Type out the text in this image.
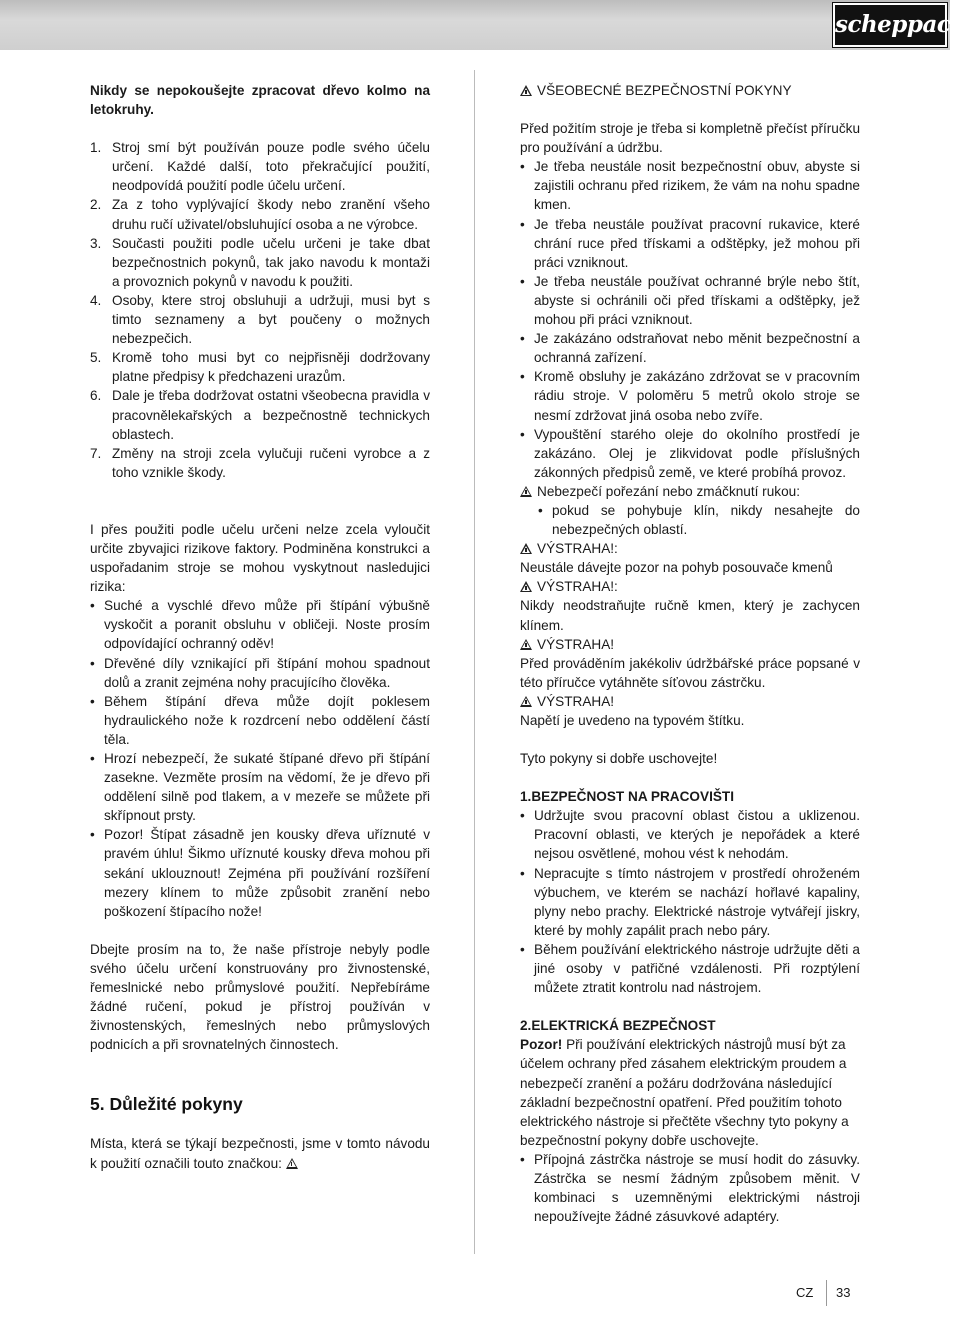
scheppach

Nikdy se nepokoušejte zpracovat dřevo kolmo na letokruhy.

1. Stroj smí být používán pouze podle svého účelu určení. Každé další, toto překračující použití, neodpovídá použití podle účelu určení.
2. Za z toho vyplývající škody nebo zranění všeho druhu ručí uživatel/obsluhující osoba a ne výrobce.
3. Současti použiti podle učelu určeni je take dbat bezpečnostnich pokynů, tak jako navodu k montaži a provoznich pokynů v navodu k použiti.
4. Osoby, ktere stroj obsluhuji a udržuji, musi byt s timto seznameny a byt poučeny o možnych nebezpečich.
5. Kromě toho musi byt co nejpřisněji dodržovany platne předpisy k předchazeni urazům.
6. Dale je třeba dodržovat ostatni všeobecna pravidla v pracovnělekařských a bezpečnostně technickych oblastech.
7. Změny na stroji zcela vylučuji ručeni vyrobce a z toho vznikle škody.

I přes použiti podle učelu určeni nelze zcela vyloučit určite zbyvajici rizikove faktory. Podminěna konstrukci a uspořadanim stroje se mohou vyskytnout nasledujici rizika:

• Suché a vyschlé dřevo může při štípání výbušně vyskočit a poranit obsluhu v obličeji. Noste prosím odpovídající ochranný oděv!
• Dřevěné díly vznikající při štípání mohou spadnout dolů a zranit zejména nohy pracujícího člověka.
• Během štípání dřeva může dojít poklesem hydraulického nože k rozdrcení nebo oddělení částí těla.
• Hrozí nebezpečí, že sukaté štípané dřevo při štípání zasekne. Vezměte prosím na vědomí, že je dřevo při oddělení silně pod tlakem, a v mezeře se můžete při skřípnout prsty.
• Pozor! Štípat zásadně jen kousky dřeva uříznuté v pravém úhlu! Šikmo uříznuté kousky dřeva mohou při sekání uklouznout! Zejména při používání rozšíření mezery klínem to může způsobit zranění nebo poškození štípacího nože!

Dbejte prosím na to, že naše přístroje nebyly podle svého účelu určení konstruovány pro živnostenské, řemeslnické nebo průmyslové použití. Nepřebíráme žádné ručení, pokud je přístroj používán v živnostenských, řemeslných nebo průmyslových podnicích a při srovnatelných činnostech.

5. Důležité pokyny

Místa, která se týkají bezpečnosti, jsme v tomto návodu k použití označili touto značkou:

VŠEOBECNÉ BEZPEČNOSTNÍ POKYNY

Před požitím stroje je třeba si kompletně přečíst příručku pro používání a údržbu.

• Je třeba neustále nosit bezpečnostní obuv, abyste si zajistili ochranu před rizikem, že vám na nohu spadne kmen.
• Je třeba neustále používat pracovní rukavice, které chrání ruce před třískami a odštěpky, jež mohou při práci vzniknout.
• Je třeba neustále používat ochranné brýle nebo štít, abyste si ochránili oči před třískami a odštěpky, jež mohou při práci vzniknout.
• Je zakázáno odstraňovat nebo měnit bezpečnostní a ochranná zařízení.
• Kromě obsluhy je zakázáno zdržovat se v pracovním rádiu stroje. V poloměru 5 metrů okolo stroje se nesmí zdržovat jiná osoba nebo zvíře.
• Vypouštění starého oleje do okolního prostředí je zakázáno. Olej je zlikvidovat podle příslušných zákonných předpisů země, ve které probíhá provoz.

Nebezpečí pořezání nebo zmáčknutí rukou:

• pokud se pohybuje klín, nikdy nesahejte do nebezpečných oblastí.

VÝSTRAHA!:

Neustále dávejte pozor na pohyb posouvače kmenů

VÝSTRAHA!:

Nikdy neodstraňujte ručně kmen, který je zachycen klínem.

VÝSTRAHA!

Před prováděním jakékoliv údržbářské práce popsané v této příručce vytáhněte síťovou zástrčku.

VÝSTRAHA!

Napětí je uvedeno na typovém štítku.

Tyto pokyny si dobře uschovejte!

1.BEZPEČNOST NA PRACOVIŠTI

• Udržujte svou pracovní oblast čistou a uklizenou. Pracovní oblasti, ve kterých je nepořádek a které nejsou osvětlené, mohou vést k nehodám.
• Nepracujte s tímto nástrojem v prostředí ohroženém výbuchem, ve kterém se nachází hořlavé kapaliny, plyny nebo prachy. Elektrické nástroje vytvářejí jiskry, které by mohly zapálit prach nebo páry.
• Během používání elektrického nástroje udržujte děti a jiné osoby v patřičné vzdálenosti. Při rozptýlení můžete ztratit kontrolu nad nástrojem.

2.ELEKTRICKÁ BEZPEČNOST

Pozor! Při používání elektrických nástrojů musí být za účelem ochrany před zásahem elektrickým proudem a nebezpečí zranění a požáru dodržována následující základní bezpečnostní opatření. Před použitím tohoto elektrického nástroje si přečtěte všechny tyto pokyny a bezpečnostní pokyny dobře uschovejte.

• Přípojná zástrčka nástroje se musí hodit do zásuvky. Zástrčka se nesmí žádným způsobem měnit. V kombinaci s uzemněnými elektrickými nástroji nepoužívejte žádné zásuvkové adaptéry.
CZ 33
